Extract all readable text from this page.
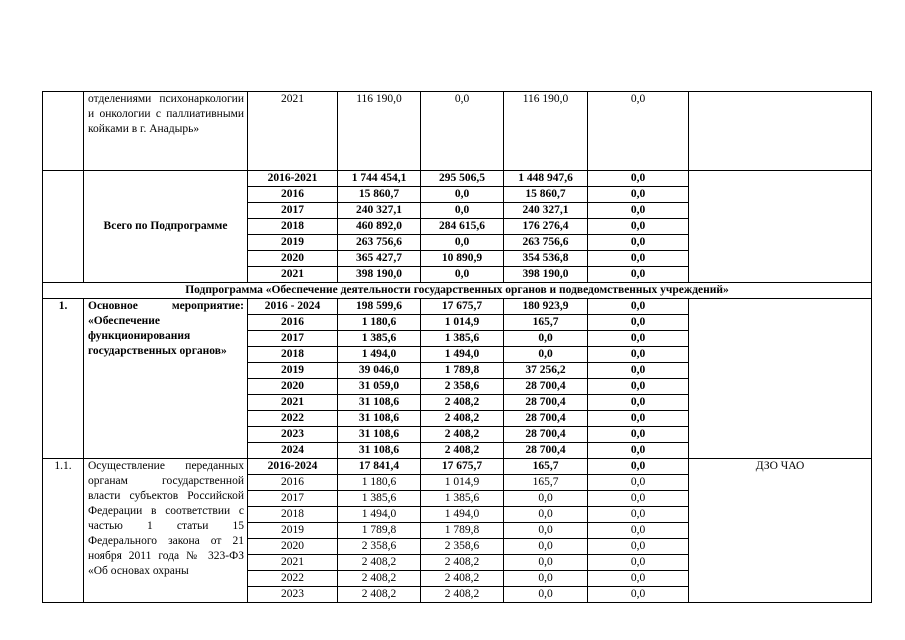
	отделениями психонаркологии и онкологии с паллиативными койками в г. Анадырь»	2021	116 190,0	0,0	116 190,0	0,0	
	Всего по Подпрограмме	2016-2021	1 744 454,1	295 506,5	1 448 947,6	0,0	
		2016	15 860,7	0,0	15 860,7	0,0	
		2017	240 327,1	0,0	240 327,1	0,0	
		2018	460 892,0	284 615,6	176 276,4	0,0	
		2019	263 756,6	0,0	263 756,6	0,0	
		2020	365 427,7	10 890,9	354 536,8	0,0	
		2021	398 190,0	0,0	398 190,0	0,0	
Подпрограмма «Обеспечение деятельности государственных органов и подведомственных учреждений»							
1.	Основное мероприятие: «Обеспечение функционирования государственных органов»	2016 - 2024	198 599,6	17 675,7	180 923,9	0,0	
		2016	1 180,6	1 014,9	165,7	0,0	
		2017	1 385,6	1 385,6	0,0	0,0	
		2018	1 494,0	1 494,0	0,0	0,0	
		2019	39 046,0	1 789,8	37 256,2	0,0	
		2020	31 059,0	2 358,6	28 700,4	0,0	
		2021	31 108,6	2 408,2	28 700,4	0,0	
		2022	31 108,6	2 408,2	28 700,4	0,0	
		2023	31 108,6	2 408,2	28 700,4	0,0	
		2024	31 108,6	2 408,2	28 700,4	0,0	
1.1.	Осуществление переданных органам государственной власти субъектов Российской Федерации в соответствии с частью 1 статьи 15 Федерального закона от 21 ноября 2011 года № 323-ФЗ «Об основах охраны	2016-2024	17 841,4	17 675,7	165,7	0,0	ДЗО ЧАО
		2016	1 180,6	1 014,9	165,7	0,0	
		2017	1 385,6	1 385,6	0,0	0,0	
		2018	1 494,0	1 494,0	0,0	0,0	
		2019	1 789,8	1 789,8	0,0	0,0	
		2020	2 358,6	2 358,6	0,0	0,0	
		2021	2 408,2	2 408,2	0,0	0,0	
		2022	2 408,2	2 408,2	0,0	0,0	
		2023	2 408,2	2 408,2	0,0	0,0	
